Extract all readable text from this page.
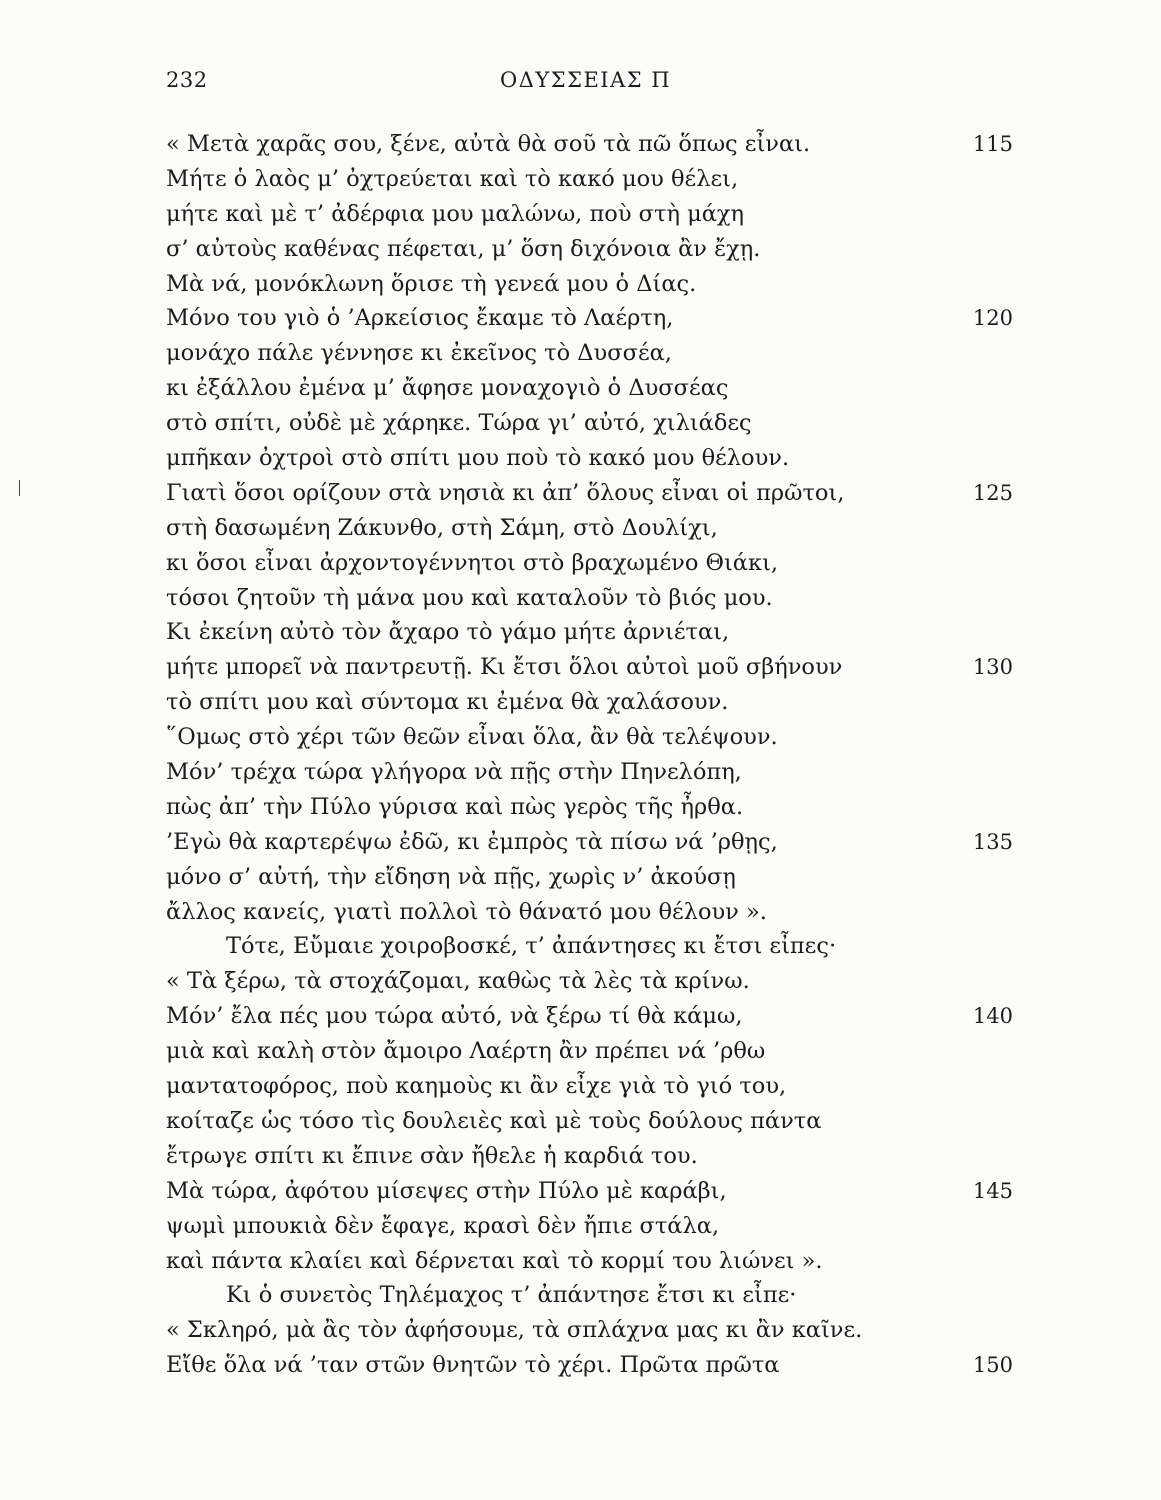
232	ΟΔΥΣΣΕΙΑΣ Π
« Μετὰ χαρᾶς σου, ξένε, αὐτὰ θὰ σοῦ τὰ πῶ ὅπως εἶναι.	115
Μήτε ὁ λαὸς μ’ ὀχτρεύεται καὶ τὸ κακό μου θέλει,
μήτε καὶ μὲ τ’ ἀδέρφια μου μαλώνω, ποὺ στὴ μάχη
σ’ αὐτοὺς καθένας πέφεται, μ’ ὅση διχόνοια ἂν ἔχῃ.
Μὰ νά, μονόκλωνη ὅρισε τὴ γενεά μου ὁ Δίας.
Μόνο του γιὸ ὁ ’Αρκείσιος ἔκαμε τὸ Λαέρτη,	120
μονάχο πάλε γέννησε κι ἐκεῖνος τὸ Δυσσέα,
κι ἐξάλλου ἐμένα μ’ ἄφησε μοναχογιὸ ὁ Δυσσέας
στὸ σπίτι, οὐδὲ μὲ χάρηκε. Τώρα γι’ αὐτό, χιλιάδες
μπῆκαν ὀχτροὶ στὸ σπίτι μου ποὺ τὸ κακό μου θέλουν.
Γιατὶ ὅσοι ορίζουν στὰ νησιὰ κι ἀπ’ ὅλους εἶναι οἱ πρῶτοι,	125
στὴ δασωμένη Ζάκυνθο, στὴ Σάμη, στὸ Δουλίχι,
κι ὅσοι εἶναι ἀρχοντογέννητοι στὸ βραχωμένο Θιάκι,
τόσοι ζητοῦν τὴ μάνα μου καὶ καταλοῦν τὸ βιός μου.
Κι ἐκείνη αὐτὸ τὸν ἄχαρο τὸ γάμο μήτε ἀρνιέται,
μήτε μπορεῖ νὰ παντρευτῇ. Κι ἔτσι ὅλοι αὐτοὶ μοῦ σβήνουν	130
τὸ σπίτι μου καὶ σύντομα κι ἐμένα θὰ χαλάσουν.
῞Ομως στὸ χέρι τῶν θεῶν εἶναι ὅλα, ἂν θὰ τελέψουν.
Μόν’ τρέχα τώρα γλήγορα νὰ πῇς στὴν Πηνελόπη,
πὼς ἀπ’ τὴν Πύλο γύρισα καὶ πὼς γερὸς τῆς ἦρθα.
’Εγὼ θὰ καρτερέψω ἐδῶ, κι ἐμπρὸς τὰ πίσω νά ’ρθῃς,	135
μόνο σ’ αὐτή, τὴν εἴδηση νὰ πῇς, χωρὶς ν’ ἀκούσῃ
ἄλλος κανείς, γιατὶ πολλοὶ τὸ θάνατό μου θέλουν ».
Τότε, Εὔμαιε χοιροβοσκέ, τ’ ἀπάντησες κι ἔτσι εἶπες·
« Τὰ ξέρω, τὰ στοχάζομαι, καθὼς τὰ λὲς τὰ κρίνω.
Μόν’ ἔλα πές μου τώρα αὐτό, νὰ ξέρω τί θὰ κάμω,	140
μιὰ καὶ καλὴ στὸν ἄμοιρο Λαέρτη ἂν πρέπει νά ’ρθω
μαντατοφόρος, ποὺ καημοὺς κι ἂν εἶχε γιὰ τὸ γιό του,
κοίταζε ὡς τόσο τὶς δουλειὲς καὶ μὲ τοὺς δούλους πάντα
ἔτρωγε σπίτι κι ἔπινε σὰν ἤθελε ἡ καρδιά του.
Μὰ τώρα, ἀφότου μίσεψες στὴν Πύλο μὲ καράβι,	145
ψωμὶ μπουκιὰ δὲν ἔφαγε, κρασὶ δὲν ἤπιε στάλα,
καὶ πάντα κλαίει καὶ δέρνεται καὶ τὸ κορμί του λιώνει ».
Κι ὁ συνετὸς Τηλέμαχος τ’ ἀπάντησε ἔτσι κι εἶπε·
« Σκληρό, μὰ ἂς τὸν ἀφήσουμε, τὰ σπλάχνα μας κι ἂν καῖνε.
Εἴθε ὅλα νά ’ταν στῶν θνητῶν τὸ χέρι. Πρῶτα πρῶτα	150
